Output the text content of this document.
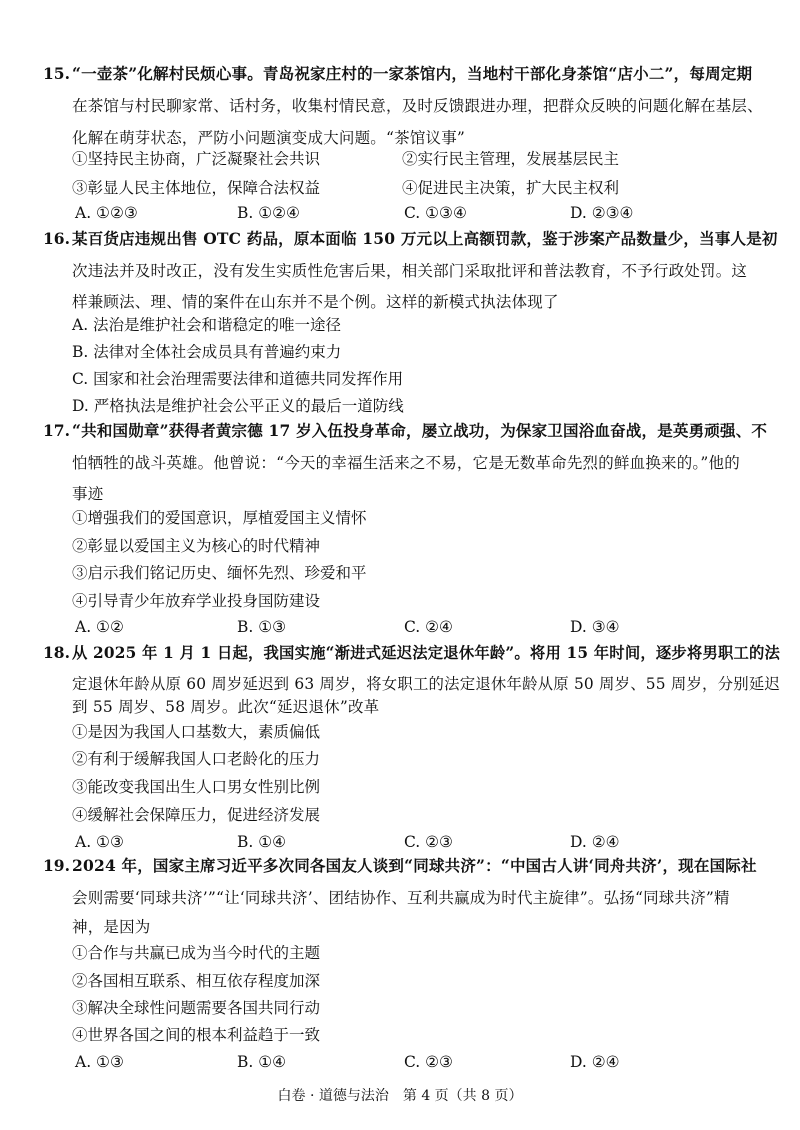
15. “一壶茶”化解村民烦心事。青岛祝家庄村的一家茶馆内，当地村干部化身茶馆“店小二”，每周定期
在茶馆与村民聊家常、话村务，收集村情民意，及时反馈跟进办理，把群众反映的问题化解在基层、
化解在萌芽状态，严防小问题演变成大问题。“茶馆议事”
①坚持民主协商，广泛凝聚社会共识	②实行民主管理，发展基层民主
③彰显人民主体地位，保障合法权益	④促进民主决策，扩大民主权利
A. ①②③	B. ①②④	C. ①③④	D. ②③④
16. 某百货店违规出售 OTC 药品，原本面临 150 万元以上高额罚款，鉴于涉案产品数量少，当事人是初
次违法并及时改正，没有发生实质性危害后果，相关部门采取批评和普法教育，不予行政处罚。这
样兼顾法、理、情的案件在山东并不是个例。这样的新模式执法体现了
A. 法治是维护社会和谐稳定的唯一途径
B. 法律对全体社会成员具有普遍约束力
C. 国家和社会治理需要法律和道德共同发挥作用
D. 严格执法是维护社会公平正义的最后一道防线
17. “共和国勋章”获得者黄宗德 17 岁入伍投身革命，屡立战功，为保家卫国浴血奋战，是英勇顽强、不
怕牺牲的战斗英雄。他曾说：“今天的幸福生活来之不易，它是无数革命先烈的鲜血换来的。”他的
事迹
①增强我们的爱国意识，厚植爱国主义情怀
②彰显以爱国主义为核心的时代精神
③启示我们铭记历史、缅怀先烈、珍爱和平
④引导青少年放弃学业投身国防建设
A. ①②	B. ①③	C. ②④	D. ③④
18. 从 2025 年 1 月 1 日起，我国实施“渐进式延迟法定退休年龄”。将用 15 年时间，逐步将男职工的法
定退休年龄从原 60 周岁延迟到 63 周岁，将女职工的法定退休年龄从原 50 周岁、55 周岁，分别延迟
到 55 周岁、58 周岁。此次“延迟退休”改革
①是因为我国人口基数大，素质偏低
②有利于缓解我国人口老龄化的压力
③能改变我国出生人口男女性别比例
④缓解社会保障压力，促进经济发展
A. ①③	B. ①④	C. ②③	D. ②④
19. 2024 年，国家主席习近平多次同各国友人谈到“同球共济”：“中国古人讲‘同舟共济’，现在国际社
会则需要‘同球共济’”“让‘同球共济’、团结协作、互利共赢成为时代主旋律”。弘扬“同球共济”精
神，是因为
①合作与共赢已成为当今时代的主题
②各国相互联系、相互依存程度加深
③解决全球性问题需要各国共同行动
④世界各国之间的根本利益趋于一致
A. ①③	B. ①④	C. ②③	D. ②④
白卷 · 道德与法治　第 4 页（共 8 页）
